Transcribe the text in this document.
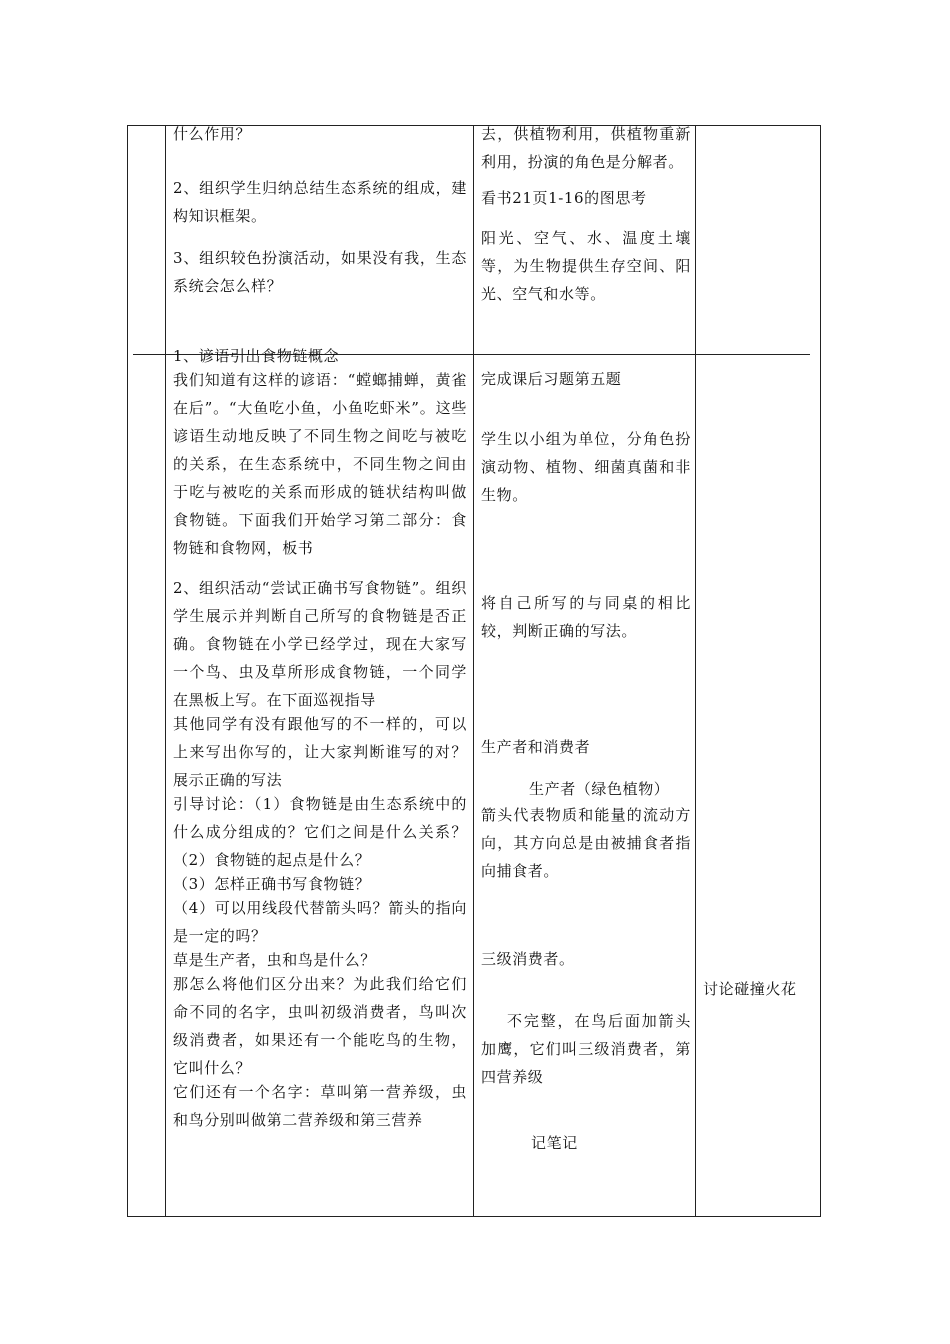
什么作用？

2、组织学生归纳总结生态系统的组成，建构知识框架。

3、组织较色扮演活动，如果没有我，生态系统会怎么样？

去，供植物利用，供植物重新利用，扮演的角色是分解者。

看书21页1-16的图思考

阳光、空气、水、温度土壤等，为生物提供生存空间、阳光、空气和水等。

1、谚语引出食物链概念

我们知道有这样的谚语：“螳螂捕蝉，黄雀在后”。“大鱼吃小鱼，小鱼吃虾米”。这些谚语生动地反映了不同生物之间吃与被吃的关系，在生态系统中，不同生物之间由于吃与被吃的关系而形成的链状结构叫做食物链。下面我们开始学习第二部分：食物链和食物网，板书

2、组织活动“尝试正确书写食物链”。组织学生展示并判断自己所写的食物链是否正确。食物链在小学已经学过，现在大家写一个鸟、虫及草所形成食物链，一个同学在黑板上写。在下面巡视指导

其他同学有没有跟他写的不一样的，可以上来写出你写的，让大家判断谁写的对？展示正确的写法

引导讨论：（1）食物链是由生态系统中的什么成分组成的？它们之间是什么关系？（2）食物链的起点是什么？

（3）怎样正确书写食物链？

（4）可以用线段代替箭头吗？箭头的指向是一定的吗？

草是生产者，虫和鸟是什么？

那怎么将他们区分出来？为此我们给它们命不同的名字，虫叫初级消费者，鸟叫次级消费者，如果还有一个能吃鸟的生物，它叫什么？

它们还有一个名字：草叫第一营养级，虫和鸟分别叫做第二营养级和第三营养

完成课后习题第五题

学生以小组为单位，分角色扮演动物、植物、细菌真菌和非生物。

将自己所写的与同桌的相比较，判断正确的写法。

生产者和消费者

生产者（绿色植物）

箭头代表物质和能量的流动方向，其方向总是由被捕食者指向捕食者。

三级消费者。

不完整，在鸟后面加箭头加鹰，它们叫三级消费者，第四营养级

记笔记

讨论碰撞火花
